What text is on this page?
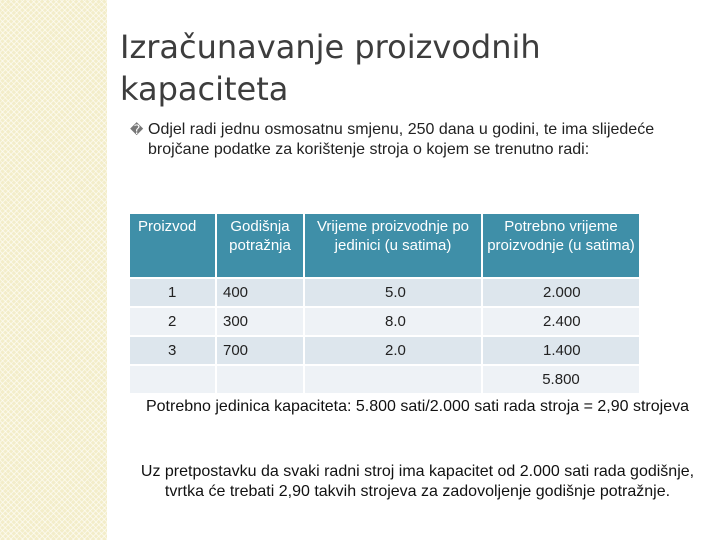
Izračunavanje proizvodnih kapaciteta
� Odjel radi jednu osmosatnu smjenu, 250 dana u godini, te ima slijedeće brojčane podatke za korištenje stroja o kojem se trenutno radi:
Proizvod	Godišnja potražnja	Vrijeme proizvodnje po jedinici (u satima)	Potrebno vrijeme proizvodnje (u satima)
1	400	5.0	2.000
2	300	8.0	2.400
3	700	2.0	1.400
			5.800
Potrebno jedinica kapaciteta: 5.800 sati/2.000 sati rada stroja = 2,90 strojeva
Uz pretpostavku da svaki radni stroj ima kapacitet od 2.000 sati rada godišnje,
tvrtka će trebati 2,90 takvih strojeva za zadovoljenje godišnje potražnje.
